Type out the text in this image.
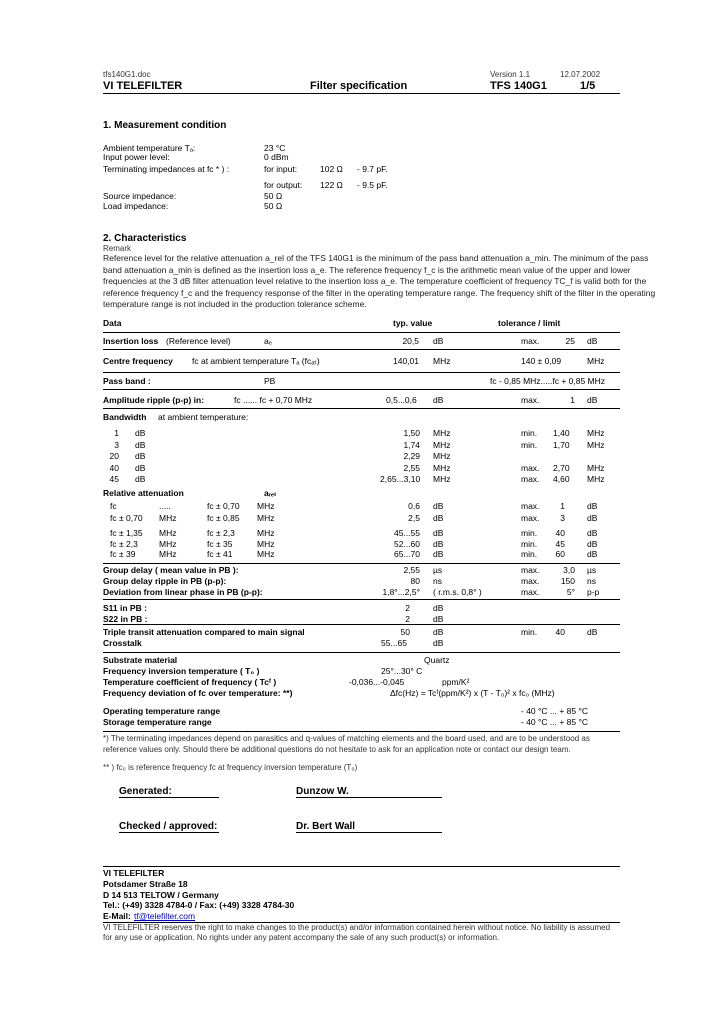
tfs140G1.doc	Version 1.1	12.07.2002
VI TELEFILTER	Filter specification	TFS 140G1	1/5
1. Measurement condition
Ambient temperature Tₐ:	23 °C
Input power level:	0 dBm
Terminating impedances at fᴄ * ) :	for input:	102 Ω - 9.7 pF.
for output: 122 Ω - 9.5 pF.
Source impedance:	50 Ω
Load impedance:	50 Ω
2. Characteristics
Remark
Reference level for the relative attenuation a_rel of the TFS 140G1 is the minimum of the pass band attenuation a_min. The minimum of the pass
band attenuation a_min is defined as the insertion loss a_e. The reference frequency f_c is the arithmetic mean value of the upper and lower
frequencies at the 3 dB filter attenuation level relative to the insertion loss a_e. The temperature coefficient of frequency TC_f is valid both for the
reference frequency f_c and the frequency response of the filter in the operating temperature range. The frequency shift of the filter in the operating
temperature range is not included in the production tolerance scheme.
Data	typ. value	tolerance / limit
Insertion loss (Reference level)	aₑ	20,5 dB	max.	25 dB
Centre frequency fᴄ at ambient temperature Tₐ (fᴄₐₜ)	140,01 MHz	140 ± 0,09	MHz
Pass band :	PB	fᴄ - 0,85 MHz.....fᴄ + 0,85 MHz
Amplitude ripple (p-p) in:	fᴄ ...... fᴄ + 0,70 MHz	0,5...0,6 dB	max.	1 dB
Bandwidth at ambient temperature:
1 dB	1,50 MHz	min. 1,40 MHz
3 dB	1,74 MHz	min. 1,70 MHz
20 dB	2,29 MHz
40 dB	2,55 MHz	max. 2,70 MHz
45 dB	2,65...3,10 MHz	max. 4,60 MHz
Relative attenuation	aᵣₑₗ
fᴄ	.....	fᴄ ± 0,70 MHz	0,6 dB	max.	1	dB
fᴄ ± 0,70 MHz	fᴄ ± 0,85 MHz	2,5 dB	max.	3	dB
fᴄ ± 1,35 MHz	fᴄ ± 2,3	MHz	45...55 dB	min. 40	dB
fᴄ ± 2,3 MHz	fᴄ ± 35	MHz	52...60 dB	min. 45	dB
fᴄ ± 39	MHz	fᴄ ± 41	MHz	65...70 dB	min. 60	dB
Group delay ( mean value in PB ):	2,55 µs	max.	3,0 µs
Group delay ripple in PB (p-p):	80 ns	max.	150 ns
Deviation from linear phase in PB (p-p):	1,8°...2,5° ( r.m.s. 0,8° )	max.	5° p-p
S11 in PB :	2	dB
S22 in PB :	2	dB
Triple transit attenuation compared to main signal	50	dB	min. 40	dB
Crosstalk	55...65	dB
Substrate material	Quartz
Frequency inversion temperature ( T₀ )	25°...30° C
Temperature coefficient of frequency ( Tcᶠ )	-0,036...-0,045	ppm/K²
Frequency deviation of fᴄ over temperature: **)	Δfᴄ(Hz) = Tcᶠ(ppm/K²) x (T - T₀)² x fᴄ₀ (MHz)
Operating temperature range	- 40 °C ... + 85 °C
Storage temperature range	- 40 °C ... + 85 °C
*) The terminating impedances depend on parasitics and q-values of matching elements and the board used, and are to be understood as
reference values only. Should there be additional questions do not hesitate to ask for an application note or contact our design team.
** ) fᴄ₀ is reference frequency fᴄ at frequency inversion temperature (T₀)
Generated:	Dunzow W.
Checked / approved:	Dr. Bert Wall
VI TELEFILTER
Potsdamer Straße 18
D 14 513 TELTOW / Germany
Tel.: (+49) 3328 4784-0 / Fax: (+49) 3328 4784-30
E-Mail: tf@telefilter.com
VI TELEFILTER reserves the right to make changes to the product(s) and/or information contained herein without notice. No liability is assumed
for any use or application. No rights under any patent accompany the sale of any such product(s) or information.
